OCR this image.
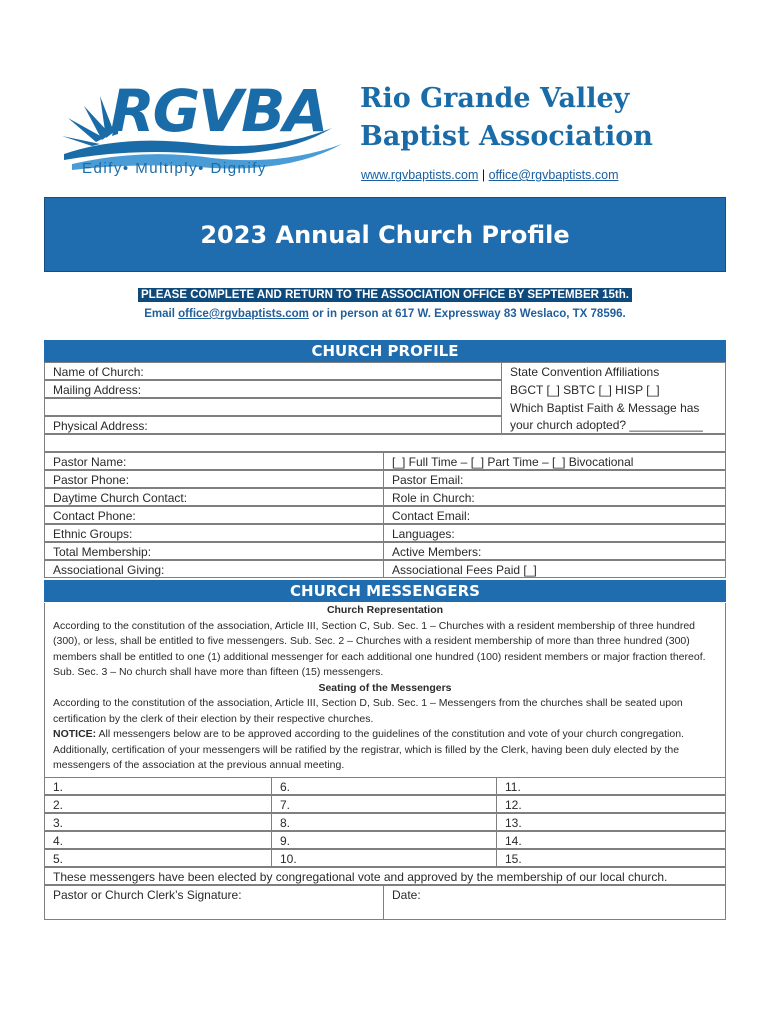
RGVBA
Edify• Multiply• Dignify
Rio Grande Valley
Baptist Association
www.rgvbaptists.com | office@rgvbaptists.com
2023 Annual Church Profile
PLEASE COMPLETE AND RETURN TO THE ASSOCIATION OFFICE BY SEPTEMBER 15th.
Email office@rgvbaptists.com or in person at 617 W. Expressway 83 Weslaco, TX 78596.
CHURCH PROFILE
Name of Church:
Mailing Address:
Physical Address:
State Convention Affiliations
BGCT [_] SBTC [_] HISP [_]
Which Baptist Faith & Message has
your church adopted? ___________
Pastor Name:	[_] Full Time – [_] Part Time – [_] Bivocational
Pastor Phone:	Pastor Email:
Daytime Church Contact:	Role in Church:
Contact Phone:	Contact Email:
Ethnic Groups:	Languages:
Total Membership:	Active Members:
Associational Giving:	Associational Fees Paid [_]
CHURCH MESSENGERS
Church Representation
According to the constitution of the association, Article III, Section C, Sub. Sec. 1 – Churches with a resident membership of three hundred (300), or less, shall be entitled to five messengers. Sub. Sec. 2 – Churches with a resident membership of more than three hundred (300) members shall be entitled to one (1) additional messenger for each additional one hundred (100) resident members or major fraction thereof. Sub. Sec. 3 – No church shall have more than fifteen (15) messengers.
Seating of the Messengers
According to the constitution of the association, Article III, Section D, Sub. Sec. 1 – Messengers from the churches shall be seated upon certification by the clerk of their election by their respective churches.
NOTICE: All messengers below are to be approved according to the guidelines of the constitution and vote of your church congregation. Additionally, certification of your messengers will be ratified by the registrar, which is filled by the Clerk, having been duly elected by the messengers of the association at the previous annual meeting.
1.	6.	11.
2.	7.	12.
3.	8.	13.
4.	9.	14.
5.	10.	15.
These messengers have been elected by congregational vote and approved by the membership of our local church.
Pastor or Church Clerk’s Signature:	Date:
